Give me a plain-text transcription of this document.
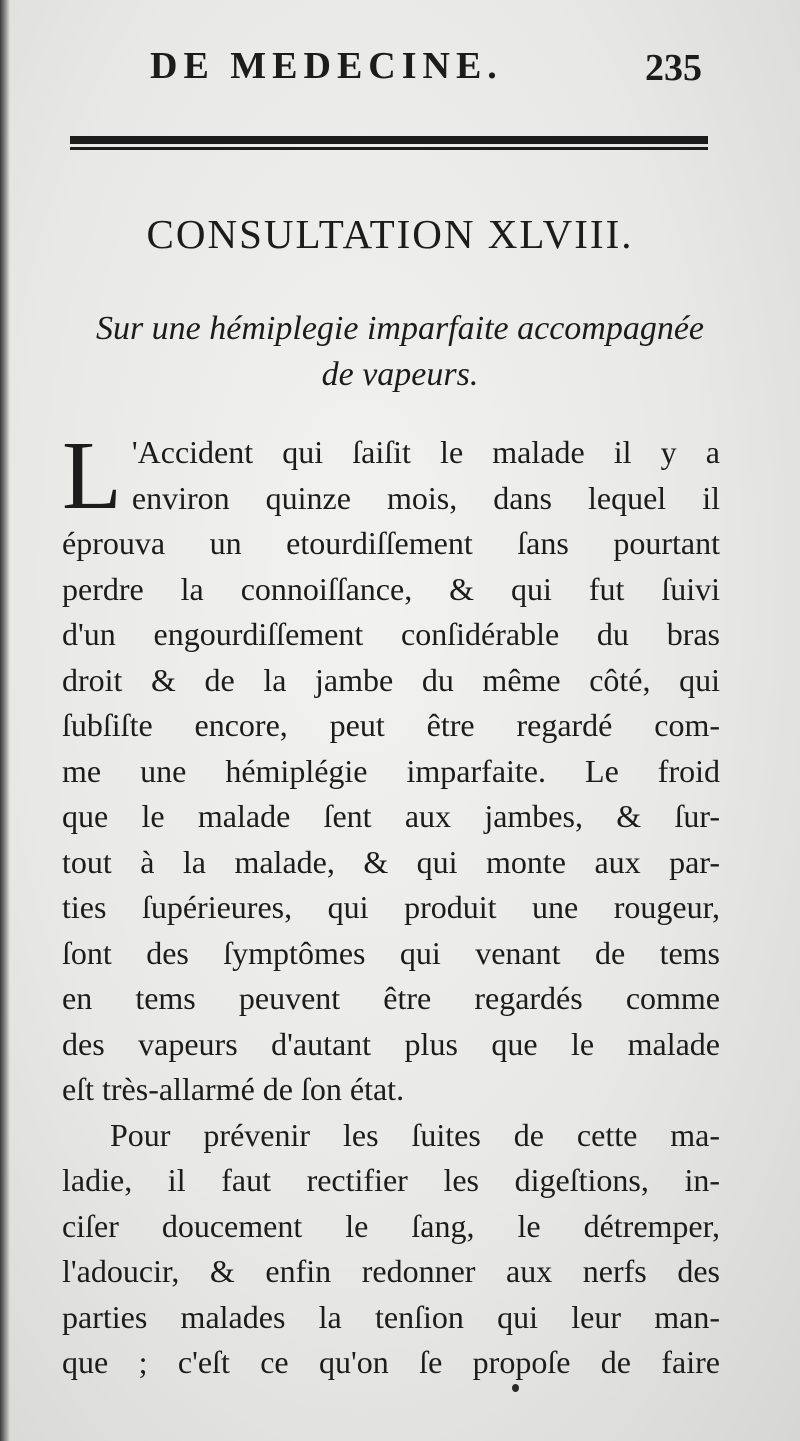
DE MEDECINE.	235
CONSULTATION XLVIII.
Sur une hémiplegie imparfaite accompagnée
de vapeurs.
L 'Accident qui ſaiſit le malade il y a
environ quinze mois, dans lequel il
éprouva un etourdiſſement ſans pourtant
perdre la connoiſſance, & qui fut ſuivi
d'un engourdiſſement conſidérable du bras
droit & de la jambe du même côté, qui
ſubſiſte encore, peut être regardé com-
me une hémiplégie imparfaite. Le froid
que le malade ſent aux jambes, & ſur-
tout à la malade, & qui monte aux par-
ties ſupérieures, qui produit une rougeur,
ſont des ſymptômes qui venant de tems
en tems peuvent être regardés comme
des vapeurs d'autant plus que le malade
eſt très-allarmé de ſon état.
Pour prévenir les ſuites de cette ma-
ladie, il faut rectifier les digeſtions, in-
ciſer doucement le ſang, le détremper,
l'adoucir, & enfin redonner aux nerfs des
parties malades la tenſion qui leur man-
que ; c'eſt ce qu'on ſe propoſe de faire
